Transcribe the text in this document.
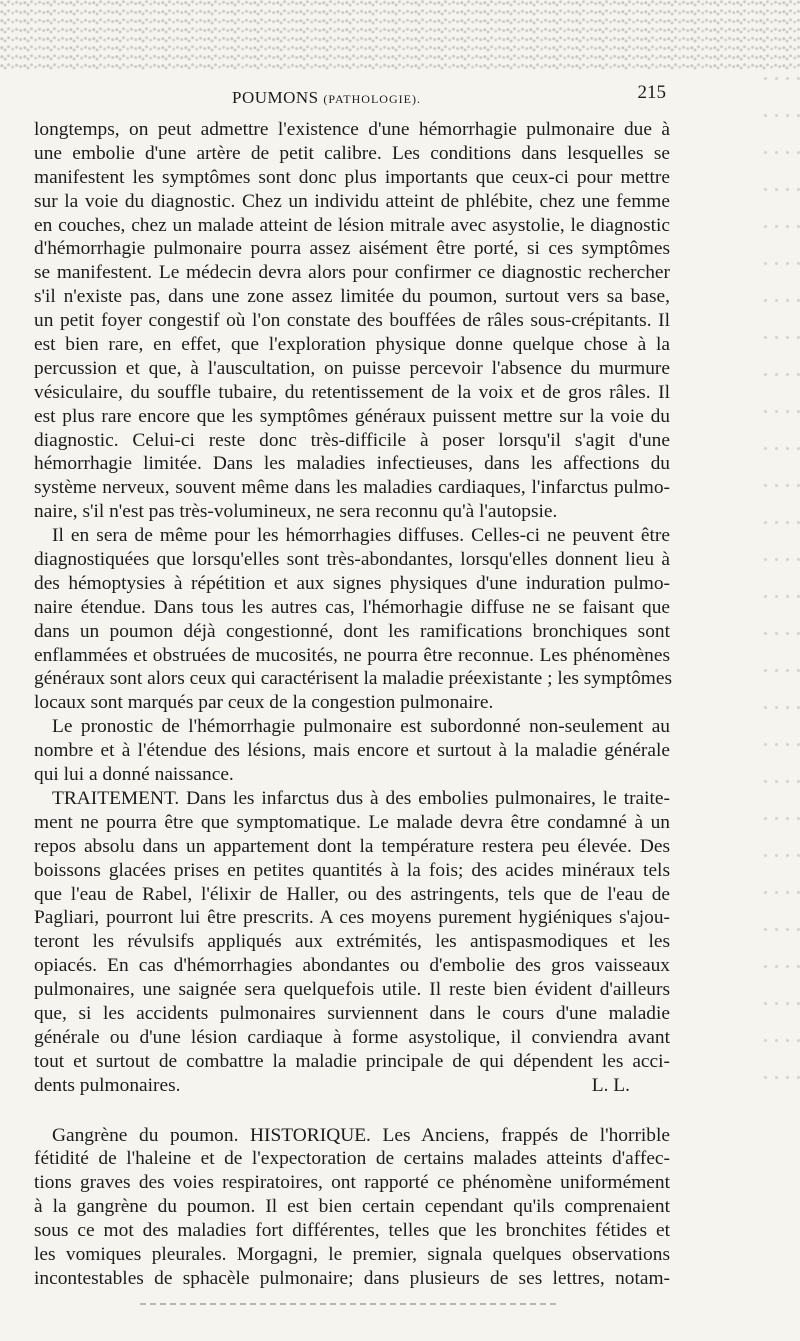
POUMONS (PATHOLOGIE).	215
longtemps, on peut admettre l'existence d'une hémorrhagie pulmonaire due à
une embolie d'une artère de petit calibre. Les conditions dans lesquelles se
manifestent les symptômes sont donc plus importants que ceux-ci pour mettre
sur la voie du diagnostic. Chez un individu atteint de phlébite, chez une femme
en couches, chez un malade atteint de lésion mitrale avec asystolie, le diagnostic
d'hémorrhagie pulmonaire pourra assez aisément être porté, si ces symptômes
se manifestent. Le médecin devra alors pour confirmer ce diagnostic rechercher
s'il n'existe pas, dans une zone assez limitée du poumon, surtout vers sa base,
un petit foyer congestif où l'on constate des bouffées de râles sous-crépitants. Il
est bien rare, en effet, que l'exploration physique donne quelque chose à la
percussion et que, à l'auscultation, on puisse percevoir l'absence du murmure
vésiculaire, du souffle tubaire, du retentissement de la voix et de gros râles. Il
est plus rare encore que les symptômes généraux puissent mettre sur la voie du
diagnostic. Celui-ci reste donc très-difficile à poser lorsqu'il s'agit d'une
hémorrhagie limitée. Dans les maladies infectieuses, dans les affections du
système nerveux, souvent même dans les maladies cardiaques, l'infarctus pulmo-
naire, s'il n'est pas très-volumineux, ne sera reconnu qu'à l'autopsie.
Il en sera de même pour les hémorrhagies diffuses. Celles-ci ne peuvent être
diagnostiquées que lorsqu'elles sont très-abondantes, lorsqu'elles donnent lieu à
des hémoptysies à répétition et aux signes physiques d'une induration pulmo-
naire étendue. Dans tous les autres cas, l'hémorhagie diffuse ne se faisant que
dans un poumon déjà congestionné, dont les ramifications bronchiques sont
enflammées et obstruées de mucosités, ne pourra être reconnue. Les phénomènes
généraux sont alors ceux qui caractérisent la maladie préexistante ; les symptômes
locaux sont marqués par ceux de la congestion pulmonaire.
Le pronostic de l'hémorrhagie pulmonaire est subordonné non-seulement au
nombre et à l'étendue des lésions, mais encore et surtout à la maladie générale
qui lui a donné naissance.
TRAITEMENT. Dans les infarctus dus à des embolies pulmonaires, le traite-
ment ne pourra être que symptomatique. Le malade devra être condamné à un
repos absolu dans un appartement dont la température restera peu élevée. Des
boissons glacées prises en petites quantités à la fois; des acides minéraux tels
que l'eau de Rabel, l'élixir de Haller, ou des astringents, tels que de l'eau de
Pagliari, pourront lui être prescrits. A ces moyens purement hygiéniques s'ajou-
teront les révulsifs appliqués aux extrémités, les antispasmodiques et les
opiacés. En cas d'hémorrhagies abondantes ou d'embolie des gros vaisseaux
pulmonaires, une saignée sera quelquefois utile. Il reste bien évident d'ailleurs
que, si les accidents pulmonaires surviennent dans le cours d'une maladie
générale ou d'une lésion cardiaque à forme asystolique, il conviendra avant
tout et surtout de combattre la maladie principale de qui dépendent les acci-
dents pulmonaires.	L. L.
Gangrène du poumon. HISTORIQUE. Les Anciens, frappés de l'horrible
fétidité de l'haleine et de l'expectoration de certains malades atteints d'affec-
tions graves des voies respiratoires, ont rapporté ce phénomène uniformément
à la gangrène du poumon. Il est bien certain cependant qu'ils comprenaient
sous ce mot des maladies fort différentes, telles que les bronchites fétides et
les vomiques pleurales. Morgagni, le premier, signala quelques observations
incontestables de sphacèle pulmonaire; dans plusieurs de ses lettres, notam-
